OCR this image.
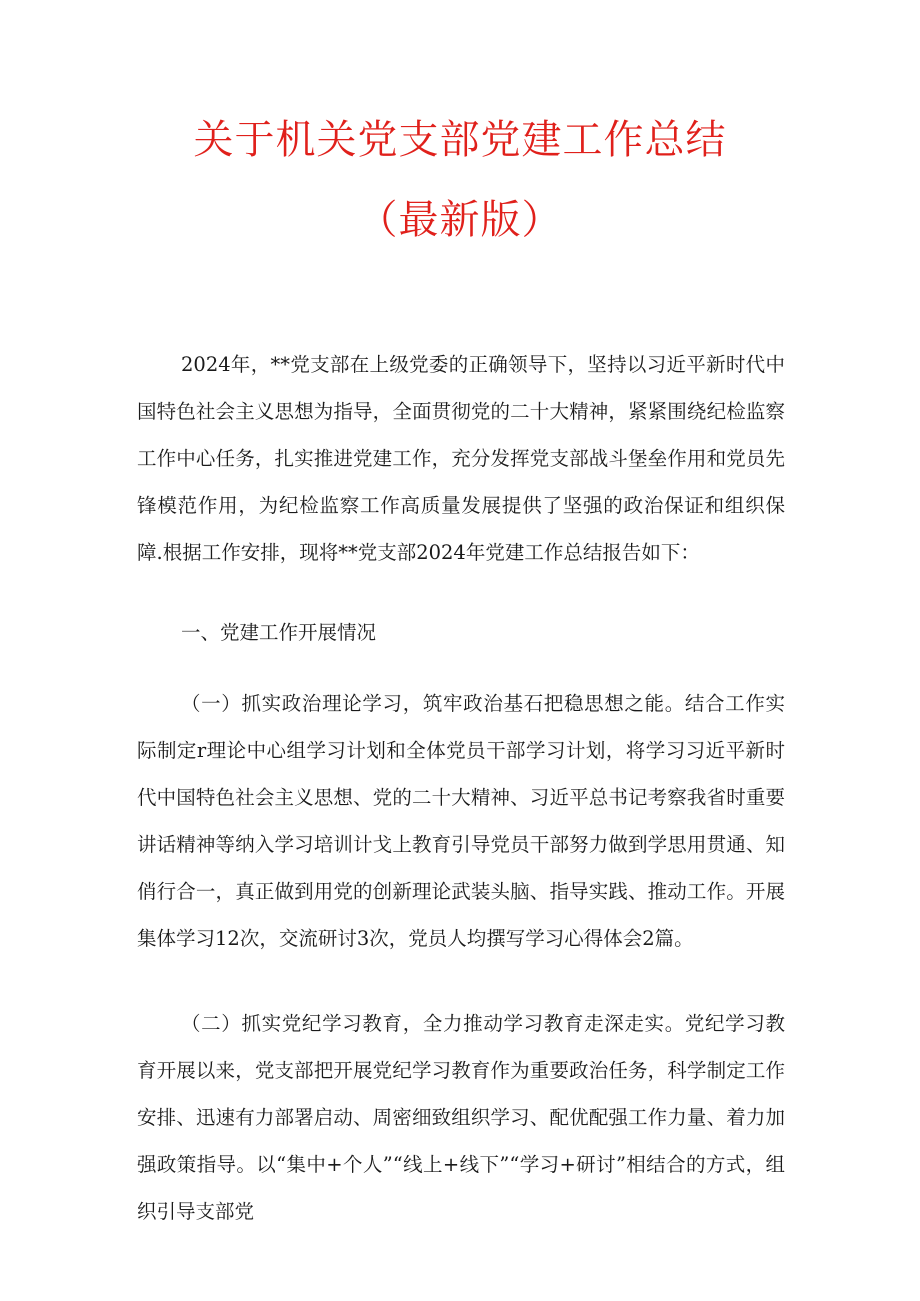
关于机关党支部党建工作总结
（最新版）

2024年，**党支部在上级党委的正确领导下，坚持以习近平新时代中国特色社会主义思想为指导，全面贯彻党的二十大精神，紧紧围绕纪检监察工作中心任务，扎实推进党建工作，充分发挥党支部战斗堡垒作用和党员先锋模范作用，为纪检监察工作高质量发展提供了坚强的政治保证和组织保障.根据工作安排，现将**党支部2024年党建工作总结报告如下：

一、党建工作开展情况

（一）抓实政治理论学习，筑牢政治基石把稳思想之能。结合工作实际制定r理论中心组学习计划和全体党员干部学习计划，将学习习近平新时代中国特色社会主义思想、党的二十大精神、习近平总书记考察我省时重要讲话精神等纳入学习培训计戈上教育引导党员干部努力做到学思用贯通、知俏行合一，真正做到用党的创新理论武装头脑、指导实践、推动工作。开展集体学习12次，交流研讨3次，党员人均撰写学习心得体会2篇。

（二）抓实党纪学习教育，全力推动学习教育走深走实。党纪学习教育开展以来，党支部把开展党纪学习教育作为重要政治任务，科学制定工作安排、迅速有力部署启动、周密细致组织学习、配优配强工作力量、着力加强政策指导。以“集中+个人”“线上+线下”“学习+研讨”相结合的方式，组织引导支部党
